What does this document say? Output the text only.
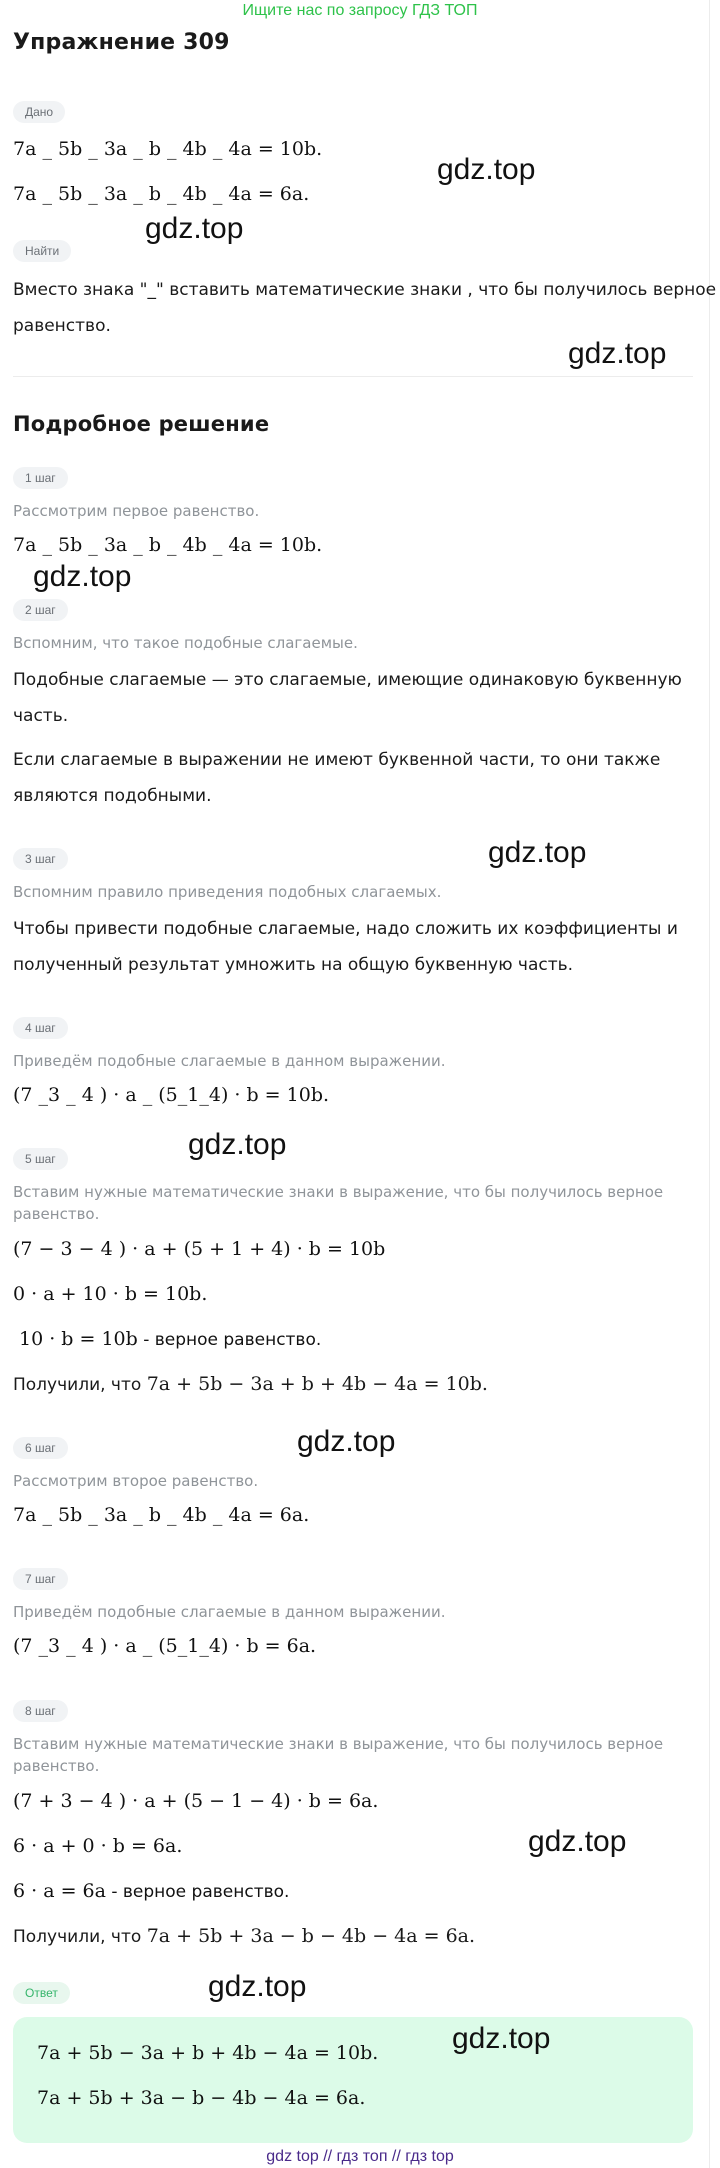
Ищите нас по запросу ГДЗ ТОП
Упражнение 309
Дано
7a _ 5b _ 3a _ b _ 4b _ 4a = 10b.
7a _ 5b _ 3a _ b _ 4b _ 4a = 6a.
Найти
Вместо знака "_" вставить математические знаки , что бы получилось верное
равенство.
Подробное решение
1 шаг
Рассмотрим первое равенство.
7a _ 5b _ 3a _ b _ 4b _ 4a = 10b.
2 шаг
Вспомним, что такое подобные слагаемые.
Подобные слагаемые — это слагаемые, имеющие одинаковую буквенную
часть.
Если слагаемые в выражении не имеют буквенной части, то они также
являются подобными.
3 шаг
Вспомним правило приведения подобных слагаемых.
Чтобы привести подобные слагаемые, надо сложить их коэффициенты и
полученный результат умножить на общую буквенную часть.
4 шаг
Приведём подобные слагаемые в данном выражении.
(7 _3 _ 4 ) · a _ (5_1_4) · b = 10b.
5 шаг
Вставим нужные математические знаки в выражение, что бы получилось верное
равенство.
(7 − 3 − 4 ) · a + (5 + 1 + 4) · b = 10b
0 · a + 10 · b = 10b.
10 · b = 10b - верное равенство.
Получили, что 7a + 5b − 3a + b + 4b − 4a = 10b.
6 шаг
Рассмотрим второе равенство.
7a _ 5b _ 3a _ b _ 4b _ 4a = 6a.
7 шаг
Приведём подобные слагаемые в данном выражении.
(7 _3 _ 4 ) · a _ (5_1_4) · b = 6a.
8 шаг
Вставим нужные математические знаки в выражение, что бы получилось верное
равенство.
(7 + 3 − 4 ) · a + (5 − 1 − 4) · b = 6a.
6 · a + 0 · b = 6a.
6 · a = 6a - верное равенство.
Получили, что 7a + 5b + 3a − b − 4b − 4a = 6a.
Ответ
7a + 5b − 3a + b + 4b − 4a = 10b.
7a + 5b + 3a − b − 4b − 4a = 6a.
gdz.top
gdz.top
gdz.top
gdz.top
gdz.top
gdz.top
gdz.top
gdz.top
gdz.top
gdz.top
gdz top // гдз топ // гдз top
